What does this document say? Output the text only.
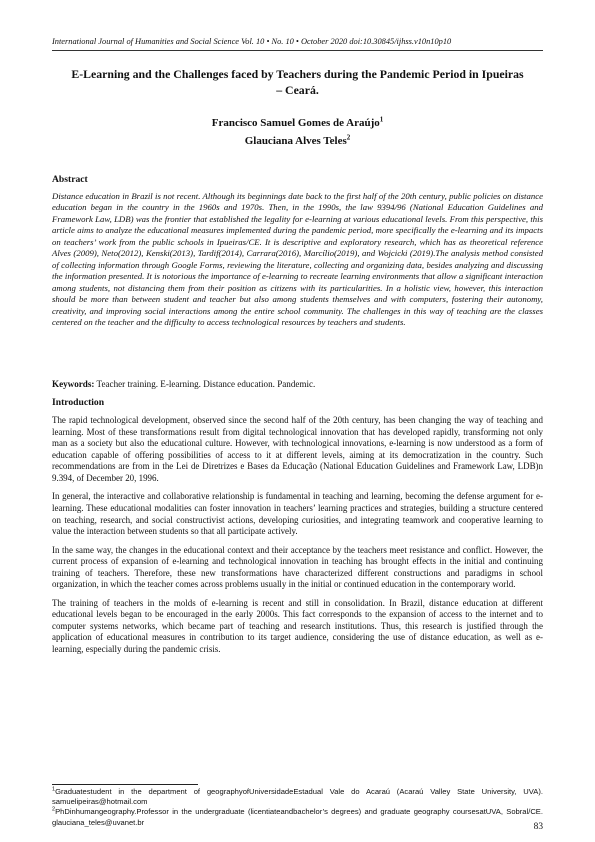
International Journal of Humanities and Social Science Vol. 10 • No. 10 • October 2020 doi:10.30845/ijhss.v10n10p10
E-Learning and the Challenges faced by Teachers during the Pandemic Period in Ipueiras – Ceará.
Francisco Samuel Gomes de Araújo$^1$
Glauciana Alves Teles$^2$
Abstract

Distance education in Brazil is not recent. Although its beginnings date back to the first half of the 20th century, public policies on distance education began in the country in the 1960s and 1970s. Then, in the 1990s, the law 9394/96 (National Education Guidelines and Framework Law, LDB) was the frontier that established the legality for e-learning at various educational levels. From this perspective, this article aims to analyze the educational measures implemented during the pandemic period, more specifically the e-learning and its impacts on teachers’ work from the public schools in Ipueiras/CE. It is descriptive and exploratory research, which has as theoretical reference Alves (2009), Neto(2012), Kenski(2013), Tardif(2014), Carrara(2016), Marcílio(2019), and Wojcicki (2019).The analysis method consisted of collecting information through Google Forms, reviewing the literature, collecting and organizing data, besides analyzing and discussing the information presented. It is notorious the importance of e-learning to recreate learning environments that allow a significant interaction among students, not distancing them from their position as citizens with its particularities. In a holistic view, however, this interaction should be more than between student and teacher but also among students themselves and with computers, fostering their autonomy, creativity, and improving social interactions among the entire school community. The challenges in this way of teaching are the classes centered on the teacher and the difficulty to access technological resources by teachers and students.

Keywords: Teacher training. E-learning. Distance education. Pandemic.
Introduction

The rapid technological development, observed since the second half of the 20th century, has been changing the way of teaching and learning. Most of these transformations result from digital technological innovation that has developed rapidly, transforming not only man as a society but also the educational culture. However, with technological innovations, e-learning is now understood as a form of education capable of offering possibilities of access to it at different levels, aiming at its democratization in the country. Such recommendations are from in the Lei de Diretrizes e Bases da Educação (National Education Guidelines and Framework Law, LDB)n 9.394, of December 20, 1996.

In general, the interactive and collaborative relationship is fundamental in teaching and learning, becoming the defense argument for e-learning. These educational modalities can foster innovation in teachers’ learning practices and strategies, building a structure centered on teaching, research, and social constructivist actions, developing curiosities, and integrating teamwork and cooperative learning to value the interaction between students so that all participate actively.

In the same way, the changes in the educational context and their acceptance by the teachers meet resistance and conflict. However, the current process of expansion of e-learning and technological innovation in teaching has brought effects in the initial and continuing training of teachers. Therefore, these new transformations have characterized different constructions and paradigms in school organization, in which the teacher comes across problems usually in the initial or continued education in the contemporary world.

The training of teachers in the molds of e-learning is recent and still in consolidation. In Brazil, distance education at different educational levels began to be encouraged in the early 2000s. This fact corresponds to the expansion of access to the internet and to computer systems networks, which became part of teaching and research institutions. Thus, this research is justified through the application of educational measures in contribution to its target audience, considering the use of distance education, as well as e-learning, especially during the pandemic crisis.

$^1$Graduatestudent in the department of geographyofUniversidadeEstadual Vale do Acaraú (Acaraú Valley State University, UVA). samuelipeiras@hotmail.com

$^2$PhDinhumangeography.Professor in the undergraduate (licentiateandbachelor’s degrees) and graduate geography coursesatUVA, Sobral/CE. glauciana_teles@uvanet.br	83
